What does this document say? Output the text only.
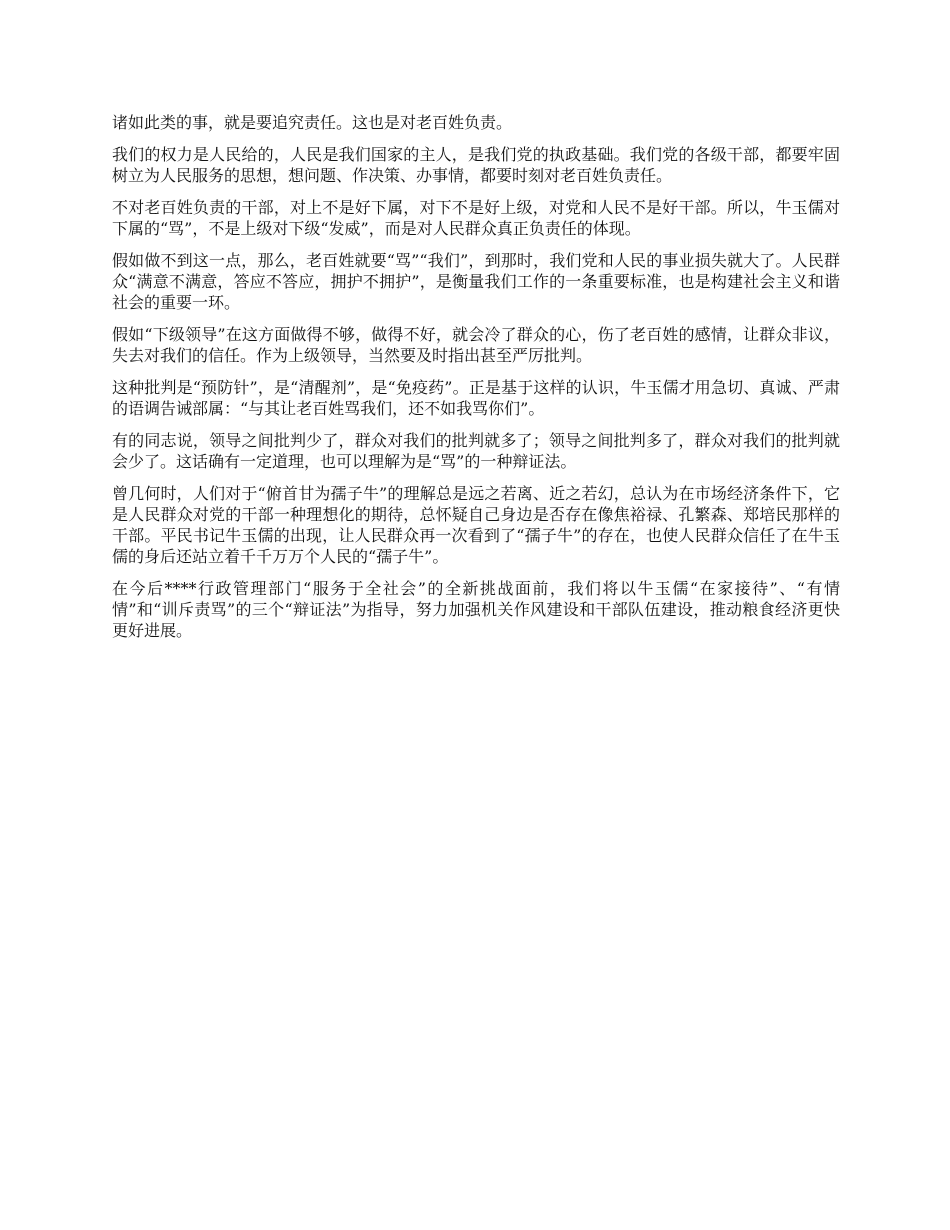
诸如此类的事，就是要追究责任。这也是对老百姓负责。

我们的权力是人民给的，人民是我们国家的主人，是我们党的执政基础。我们党的各级干部，都要牢固树立为人民服务的思想，想问题、作决策、办事情，都要时刻对老百姓负责任。

不对老百姓负责的干部，对上不是好下属，对下不是好上级，对党和人民不是好干部。所以，牛玉儒对下属的“骂”，不是上级对下级“发威”，而是对人民群众真正负责任的体现。

假如做不到这一点，那么，老百姓就要“骂”“我们”，到那时，我们党和人民的事业损失就大了。人民群众“满意不满意，答应不答应，拥护不拥护”，是衡量我们工作的一条重要标准，也是构建社会主义和谐社会的重要一环。

假如“下级领导”在这方面做得不够，做得不好，就会冷了群众的心，伤了老百姓的感情，让群众非议，失去对我们的信任。作为上级领导，当然要及时指出甚至严厉批判。

这种批判是“预防针”，是“清醒剂”，是“免疫药”。正是基于这样的认识，牛玉儒才用急切、真诚、严肃的语调告诫部属：“与其让老百姓骂我们，还不如我骂你们”。

有的同志说，领导之间批判少了，群众对我们的批判就多了；领导之间批判多了，群众对我们的批判就会少了。这话确有一定道理，也可以理解为是“骂”的一种辩证法。

曾几何时，人们对于“俯首甘为孺子牛”的理解总是远之若离、近之若幻，总认为在市场经济条件下，它是人民群众对党的干部一种理想化的期待，总怀疑自己身边是否存在像焦裕禄、孔繁森、郑培民那样的干部。平民书记牛玉儒的出现，让人民群众再一次看到了“孺子牛”的存在，也使人民群众信任了在牛玉儒的身后还站立着千千万万个人民的“孺子牛”。

在今后****行政管理部门“服务于全社会”的全新挑战面前，我们将以牛玉儒“在家接待”、“有情情”和“训斥责骂”的三个“辩证法”为指导，努力加强机关作风建设和干部队伍建设，推动粮食经济更快更好进展。
